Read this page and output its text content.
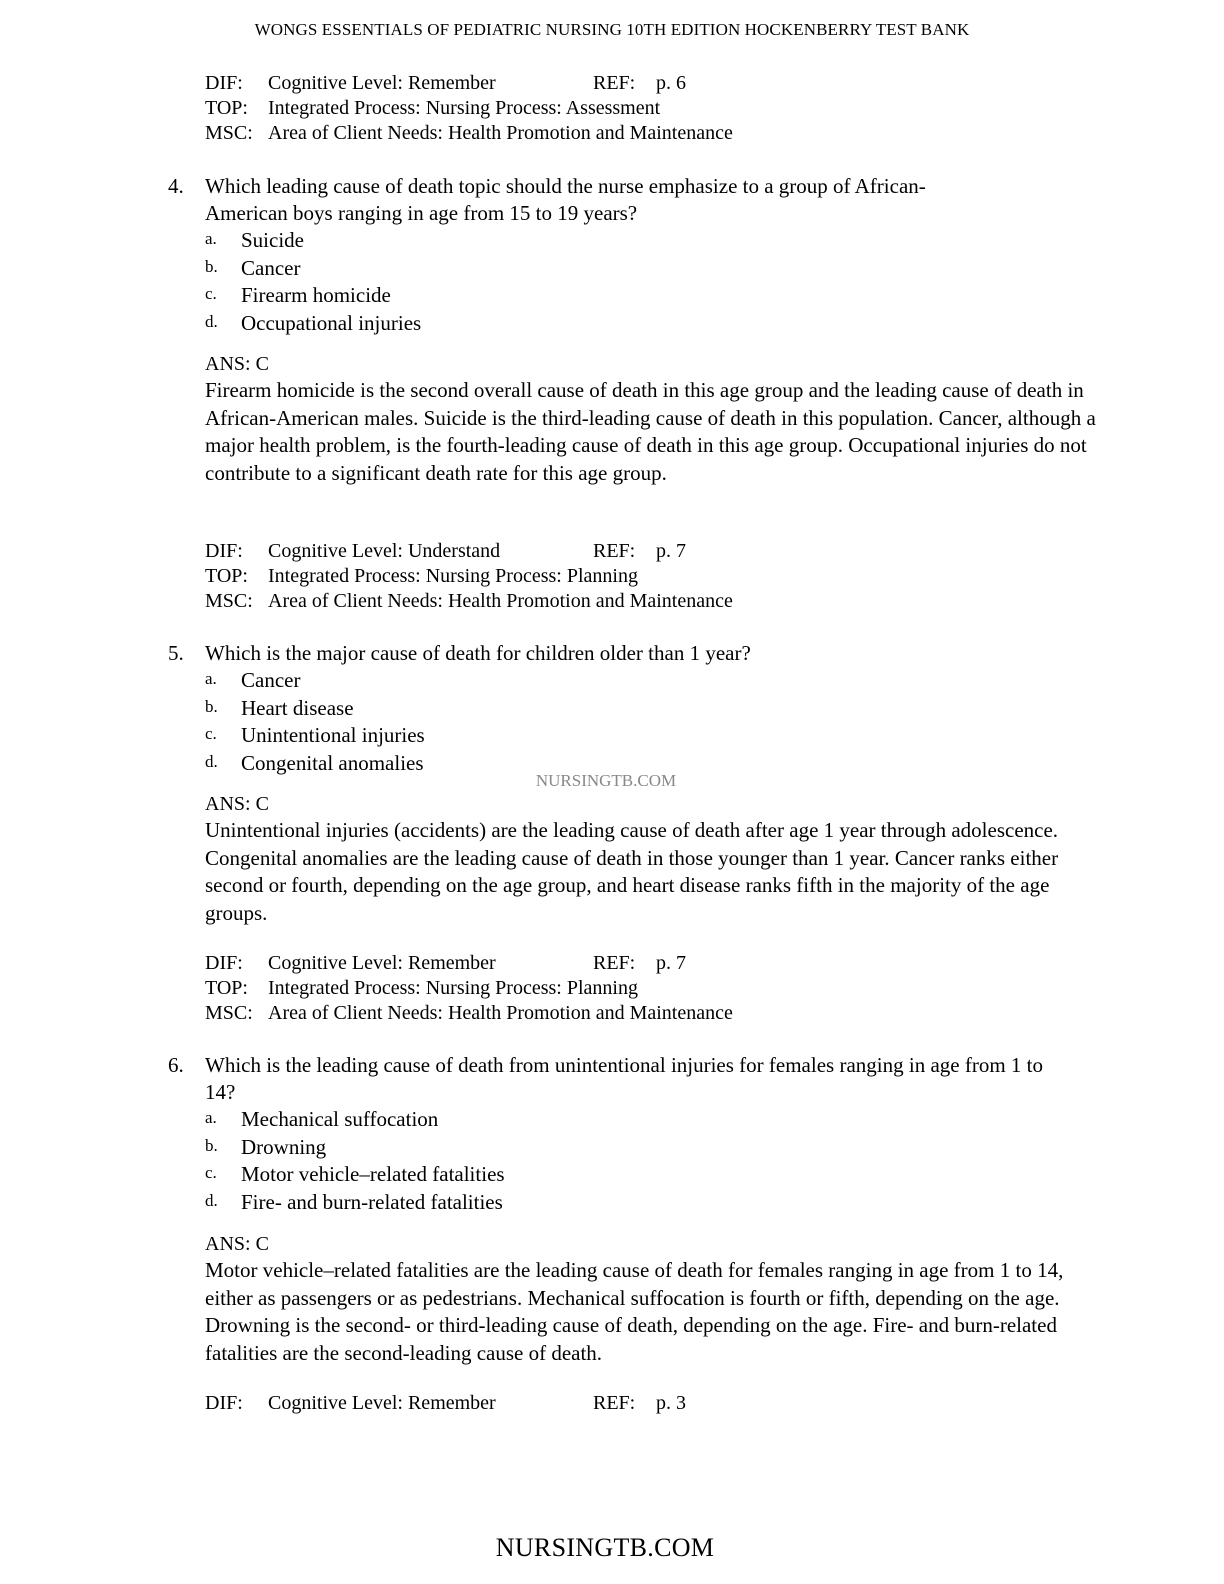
WONGS ESSENTIALS OF PEDIATRIC NURSING 10TH EDITION HOCKENBERRY TEST BANK
DIF: Cognitive Level: Remember	REF: p. 6
TOP: Integrated Process: Nursing Process: Assessment
MSC: Area of Client Needs: Health Promotion and Maintenance
4. Which leading cause of death topic should the nurse emphasize to a group of African-American boys ranging in age from 15 to 19 years?
a. Suicide
b. Cancer
c. Firearm homicide
d. Occupational injuries
ANS: C
Firearm homicide is the second overall cause of death in this age group and the leading cause of death in African-American males. Suicide is the third-leading cause of death in this population. Cancer, although a major health problem, is the fourth-leading cause of death in this age group. Occupational injuries do not contribute to a significant death rate for this age group.
DIF: Cognitive Level: Understand	REF: p. 7
TOP: Integrated Process: Nursing Process: Planning
MSC: Area of Client Needs: Health Promotion and Maintenance
5. Which is the major cause of death for children older than 1 year?
a. Cancer
b. Heart disease
c. Unintentional injuries
d. Congenital anomalies
NURSINGTB.COM
ANS: C
Unintentional injuries (accidents) are the leading cause of death after age 1 year through adolescence. Congenital anomalies are the leading cause of death in those younger than 1 year. Cancer ranks either second or fourth, depending on the age group, and heart disease ranks fifth in the majority of the age groups.
DIF: Cognitive Level: Remember	REF: p. 7
TOP: Integrated Process: Nursing Process: Planning
MSC: Area of Client Needs: Health Promotion and Maintenance
6. Which is the leading cause of death from unintentional injuries for females ranging in age from 1 to 14?
a. Mechanical suffocation
b. Drowning
c. Motor vehicle–related fatalities
d. Fire- and burn-related fatalities
ANS: C
Motor vehicle–related fatalities are the leading cause of death for females ranging in age from 1 to 14, either as passengers or as pedestrians. Mechanical suffocation is fourth or fifth, depending on the age. Drowning is the second- or third-leading cause of death, depending on the age. Fire- and burn-related fatalities are the second-leading cause of death.
DIF: Cognitive Level: Remember	REF: p. 3
NURSINGTB.COM
